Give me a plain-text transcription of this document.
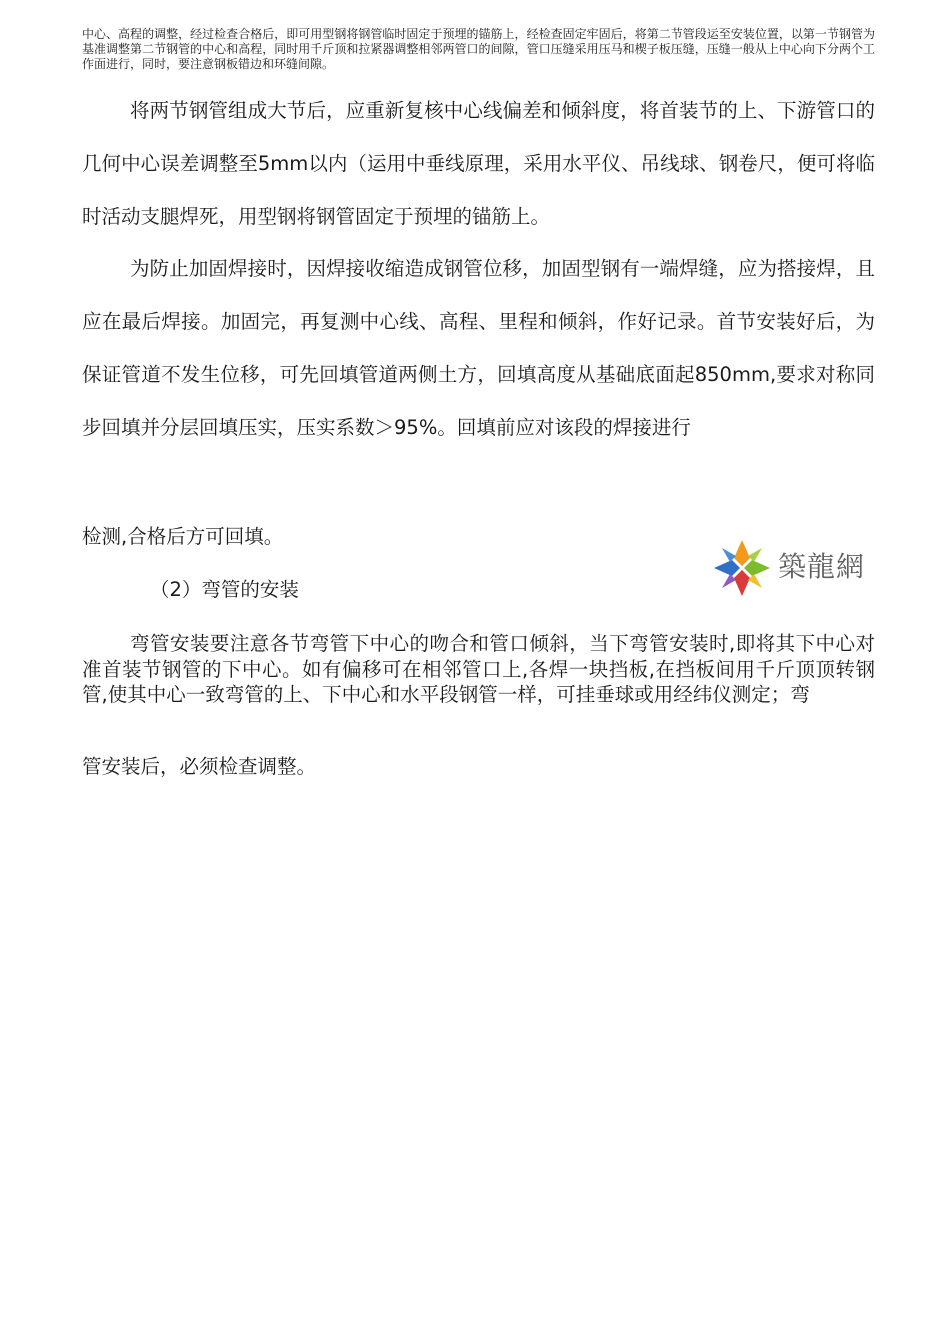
中心、高程的调整，经过检查合格后，即可用型钢将钢管临时固定于预埋的锚筋上，经检查固定牢固后，将第二节管段运至安装位置，以第一节钢管为基准调整第二节钢管的中心和高程，同时用千斤顶和拉紧器调整相邻两管口的间隙，管口压缝采用压马和楔子板压缝，压缝一般从上中心向下分两个工作面进行，同时，要注意钢板错边和环缝间隙。

将两节钢管组成大节后，应重新复核中心线偏差和倾斜度，将首装节的上、下游管口的几何中心误差调整至5mm以内（运用中垂线原理，采用水平仪、吊线球、钢卷尺，便可将临时活动支腿焊死，用型钢将钢管固定于预埋的锚筋上。

为防止加固焊接时，因焊接收缩造成钢管位移，加固型钢有一端焊缝，应为搭接焊，且应在最后焊接。加固完，再复测中心线、高程、里程和倾斜，作好记录。首节安装好后，为保证管道不发生位移，可先回填管道两侧土方，回填高度从基础底面起850mm,要求对称同步回填并分层回填压实，压实系数＞95%。回填前应对该段的焊接进行

检测,合格后方可回填。

築龍網

（2）弯管的安装

弯管安装要注意各节弯管下中心的吻合和管口倾斜，当下弯管安装时,即将其下中心对准首装节钢管的下中心。如有偏移可在相邻管口上,各焊一块挡板,在挡板间用千斤顶顶转钢管,使其中心一致弯管的上、下中心和水平段钢管一样，可挂垂球或用经纬仪测定；弯

管安装后，必须检查调整。
